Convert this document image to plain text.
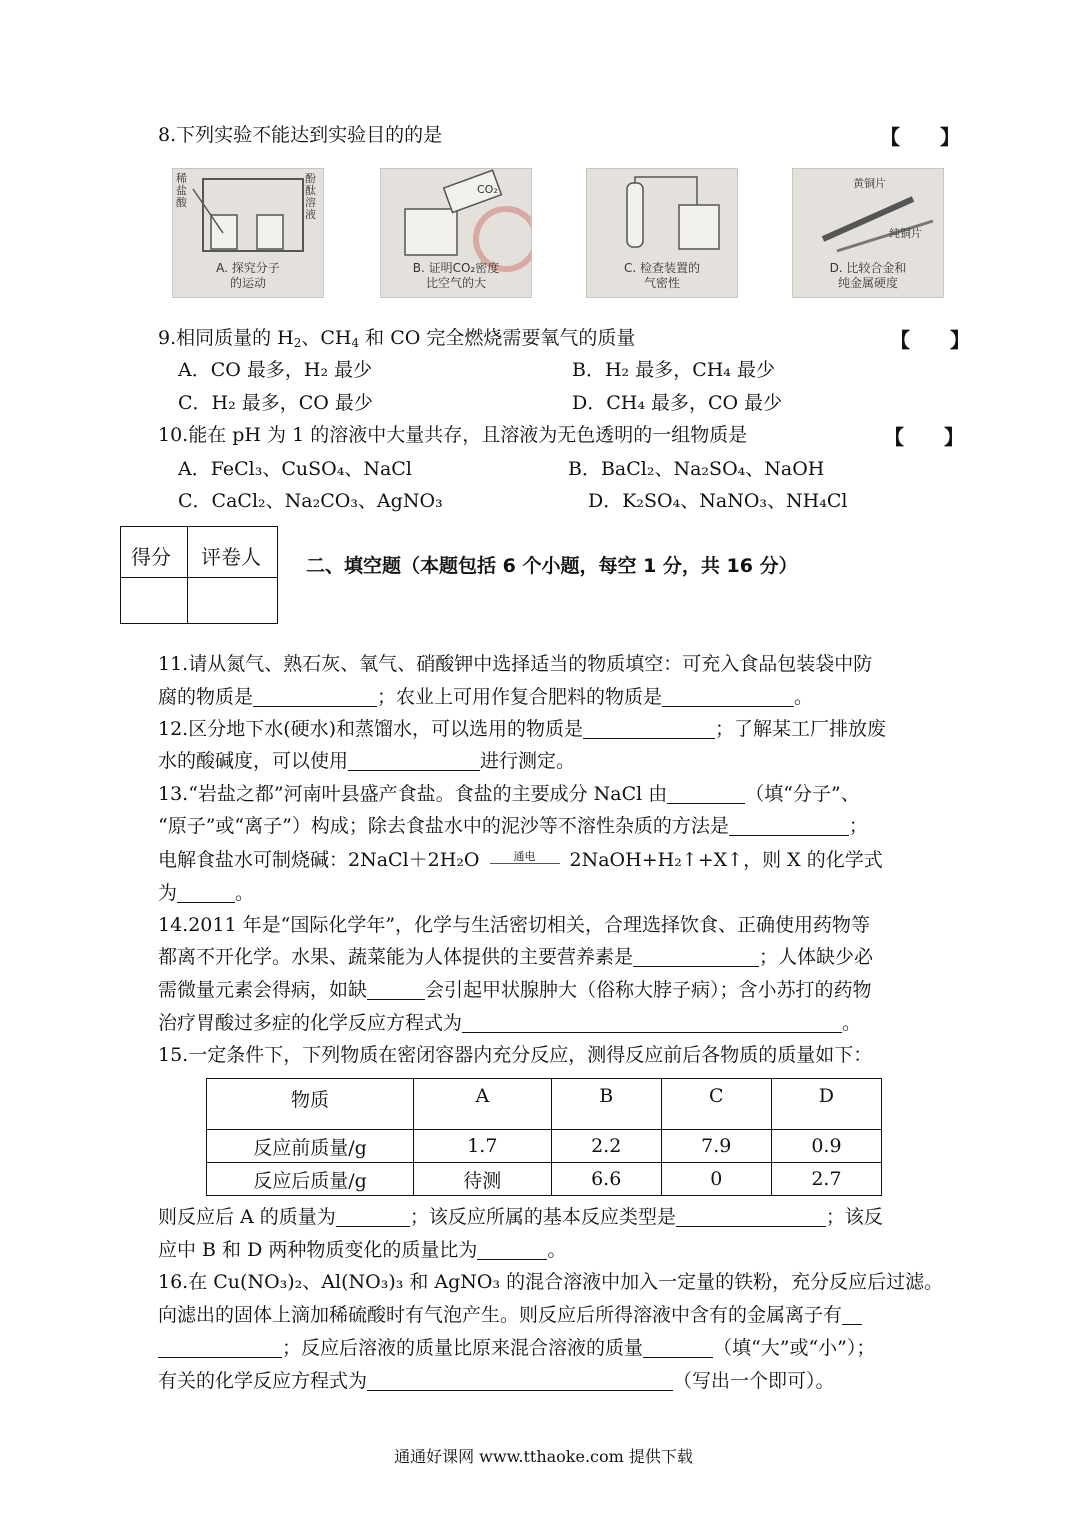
8.下列实验不能达到实验目的的是	【　　】
稀盐酸
酚酞溶液
A. 探究分子
的运动
CO₂
B. 证明CO₂密度
比空气的大
C. 检查装置的
气密性
黄铜片
纯铜片
D. 比较合金和
纯金属硬度
9.相同质量的 $H_2$、$CH_4$ 和 CO 完全燃烧需要氧气的质量	【　　】
A．CO 最多，H₂ 最少	B．H₂ 最多，CH₄ 最少
C．H₂ 最多，CO 最少	D．CH₄ 最多，CO 最少
10.能在 pH 为 1 的溶液中大量共存，且溶液为无色透明的一组物质是	【　　】
A．FeCl₃、CuSO₄、NaCl	B．BaCl₂、Na₂SO₄、NaOH
C．CaCl₂、Na₂CO₃、AgNO₃	D．K₂SO₄、NaNO₃、NH₄Cl
得分 评卷人 二、填空题（本题包括 6 个小题，每空 1 分，共 16 分）
11.请从氮气、熟石灰、氧气、硝酸钾中选择适当的物质填空：可充入食品包装袋中防
腐的物质是	；农业上可用作复合肥料的物质是	。
12.区分地下水(硬水)和蒸馏水，可以选用的物质是	；了解某工厂排放废
水的酸碱度，可以使用	进行测定。
13.“岩盐之都”河南叶县盛产食盐。食盐的主要成分 NaCl 由	（填“分子”、
“原子”或“离子”）构成；除去食盐水中的泥沙等不溶性杂质的方法是	；
电解食盐水可制烧碱：2NaCl＋2H₂O	通电 2NaOH+H₂↑+X↑，则 X 的化学式
为	。
14.2011 年是“国际化学年”，化学与生活密切相关，合理选择饮食、正确使用药物等
都离不开化学。水果、蔬菜能为人体提供的主要营养素是	；人体缺少必
需微量元素会得病，如缺	会引起甲状腺肿大（俗称大脖子病）；含小苏打的药物
治疗胃酸过多症的化学反应方程式为	。
15.一定条件下，下列物质在密闭容器内充分反应，测得反应前后各物质的质量如下：
物质	A	B	C	D
反应前质量/g	1.7	2.2	7.9	0.9
反应后质量/g	待测	6.6	0	2.7
则反应后 A 的质量为	；该反应所属的基本反应类型是	；该反
应中 B 和 D 两种物质变化的质量比为	。
16.在 Cu(NO₃)₂、Al(NO₃)₃ 和 AgNO₃ 的混合溶液中加入一定量的铁粉，充分反应后过滤。
向滤出的固体上滴加稀硫酸时有气泡产生。则反应后所得溶液中含有的金属离子有
；反应后溶液的质量比原来混合溶液的质量	（填“大”或“小”）；
有关的化学反应方程式为	（写出一个即可）。
通通好课网 www.tthaoke.com 提供下载
